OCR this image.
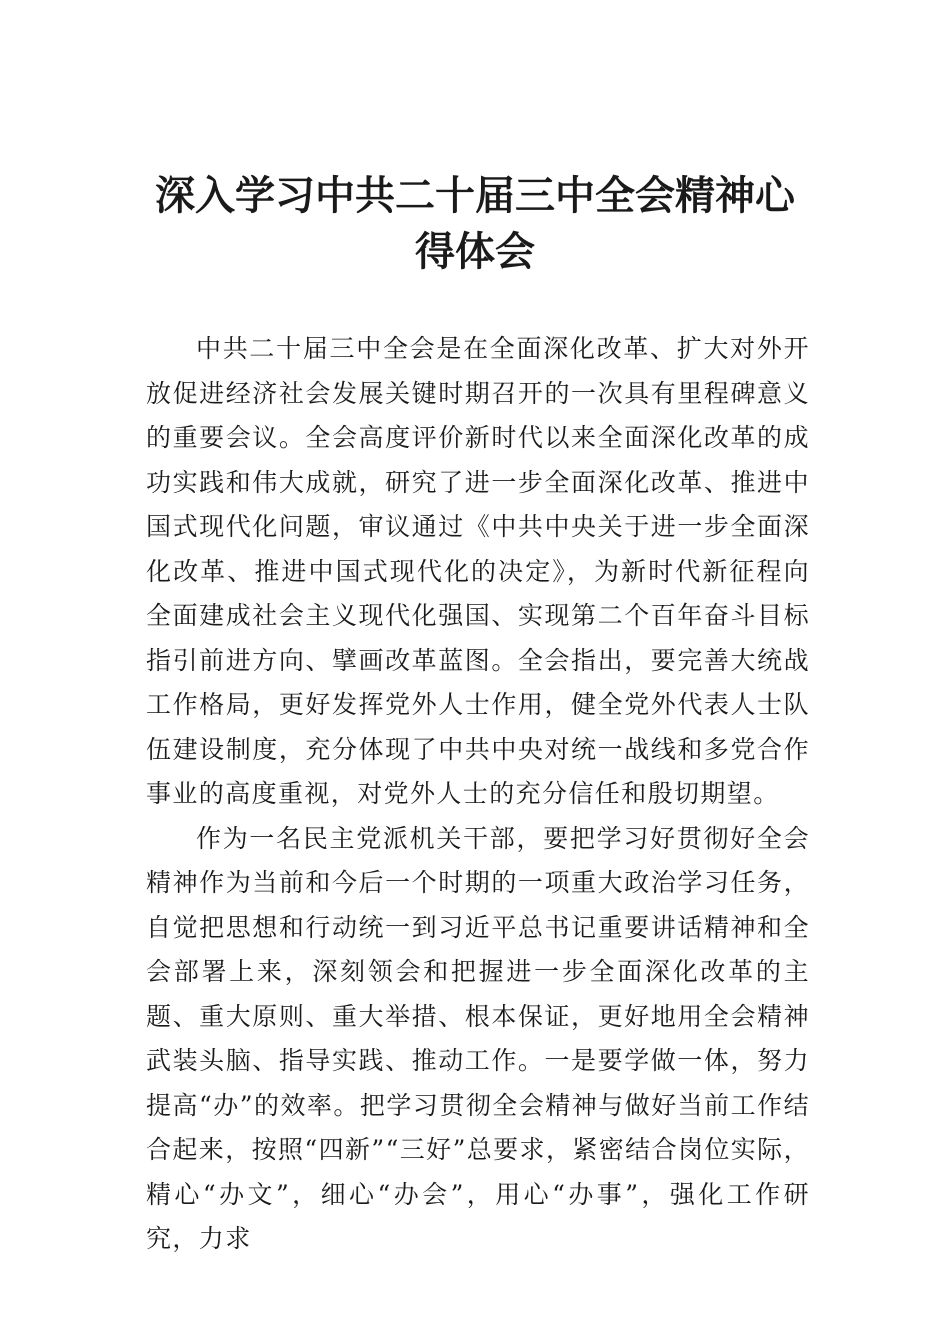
深入学习中共二十届三中全会精神心得体会

中共二十届三中全会是在全面深化改革、扩大对外开放促进经济社会发展关键时期召开的一次具有里程碑意义的重要会议。全会高度评价新时代以来全面深化改革的成功实践和伟大成就，研究了进一步全面深化改革、推进中国式现代化问题，审议通过《中共中央关于进一步全面深化改革、推进中国式现代化的决定》，为新时代新征程向全面建成社会主义现代化强国、实现第二个百年奋斗目标指引前进方向、擘画改革蓝图。全会指出，要完善大统战工作格局，更好发挥党外人士作用，健全党外代表人士队伍建设制度，充分体现了中共中央对统一战线和多党合作事业的高度重视，对党外人士的充分信任和殷切期望。

作为一名民主党派机关干部，要把学习好贯彻好全会精神作为当前和今后一个时期的一项重大政治学习任务，自觉把思想和行动统一到习近平总书记重要讲话精神和全会部署上来，深刻领会和把握进一步全面深化改革的主题、重大原则、重大举措、根本保证，更好地用全会精神武装头脑、指导实践、推动工作。一是要学做一体，努力提高“办”的效率。把学习贯彻全会精神与做好当前工作结合起来，按照“四新”“三好”总要求，紧密结合岗位实际，精心“办文”，细心“办会”，用心“办事”，强化工作研究，力求
